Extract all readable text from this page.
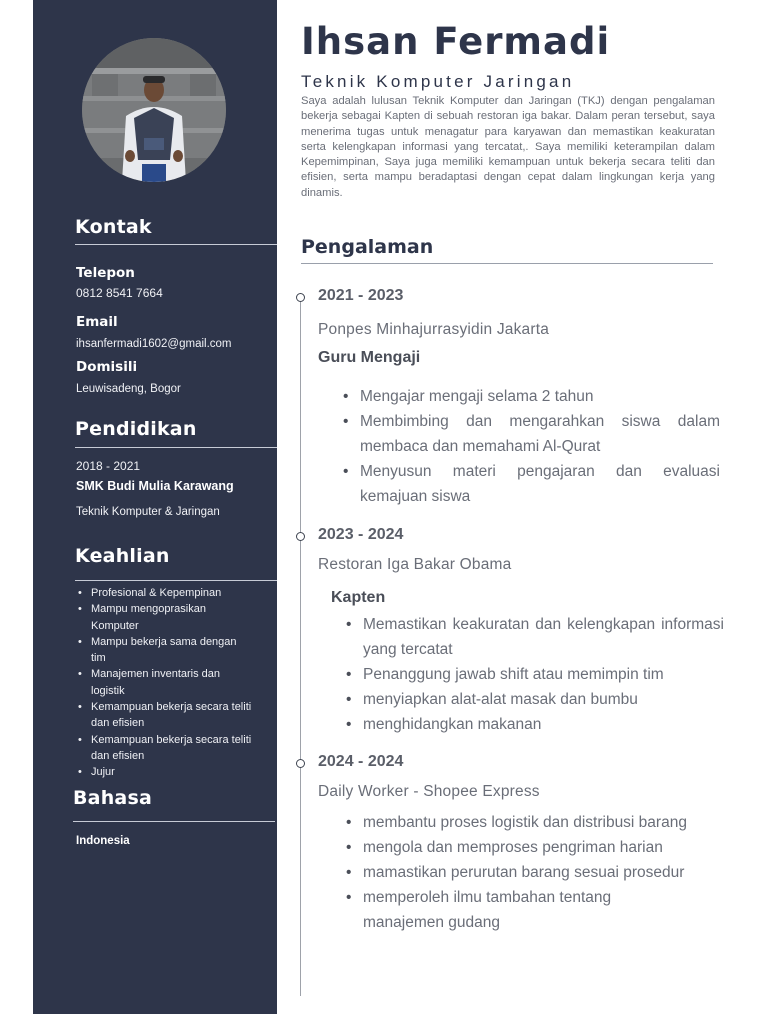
Kontak
Telepon
0812 8541 7664
Email
ihsanfermadi1602@gmail.com
Domisili
Leuwisadeng, Bogor
Pendidikan
2018 - 2021
SMK Budi Mulia Karawang
Teknik Komputer & Jaringan
Keahlian
• Profesional & Kepempinan
• Mampu mengoprasikan Komputer
• Mampu bekerja sama dengan tim
• Manajemen inventaris dan logistik
• Kemampuan bekerja secara teliti dan efisien
• Kemampuan bekerja secara teliti dan efisien
• Jujur
Bahasa
Indonesia
Ihsan Fermadi
Teknik Komputer Jaringan

Saya adalah lulusan Teknik Komputer dan Jaringan (TKJ) dengan pengalaman bekerja sebagai Kapten di sebuah restoran iga bakar. Dalam peran tersebut, saya menerima tugas untuk menagatur para karyawan dan memastikan keakuratan serta kelengkapan informasi yang tercatat,. Saya memiliki keterampilan dalam Kepemimpinan, Saya juga memiliki kemampuan untuk bekerja secara teliti dan efisien, serta mampu beradaptasi dengan cepat dalam lingkungan kerja yang dinamis.

Pengalaman
2021 - 2023
Ponpes Minhajurrasyidin Jakarta
Guru Mengaji
• Mengajar mengaji selama 2 tahun
• Membimbing dan mengarahkan siswa dalam membaca dan memahami Al-Qurat
• Menyusun materi pengajaran dan evaluasi kemajuan siswa
2023 - 2024
Restoran Iga Bakar Obama
Kapten
• Memastikan keakuratan dan kelengkapan informasi yang tercatat
• Penanggung jawab shift atau memimpin tim
• menyiapkan alat-alat masak dan bumbu
• menghidangkan makanan
2024 - 2024
Daily Worker - Shopee Express
• membantu proses logistik dan distribusi barang
• mengola dan memproses pengriman harian
• mamastikan perurutan barang sesuai prosedur
• memperoleh ilmu tambahan tentang manajemen gudang
